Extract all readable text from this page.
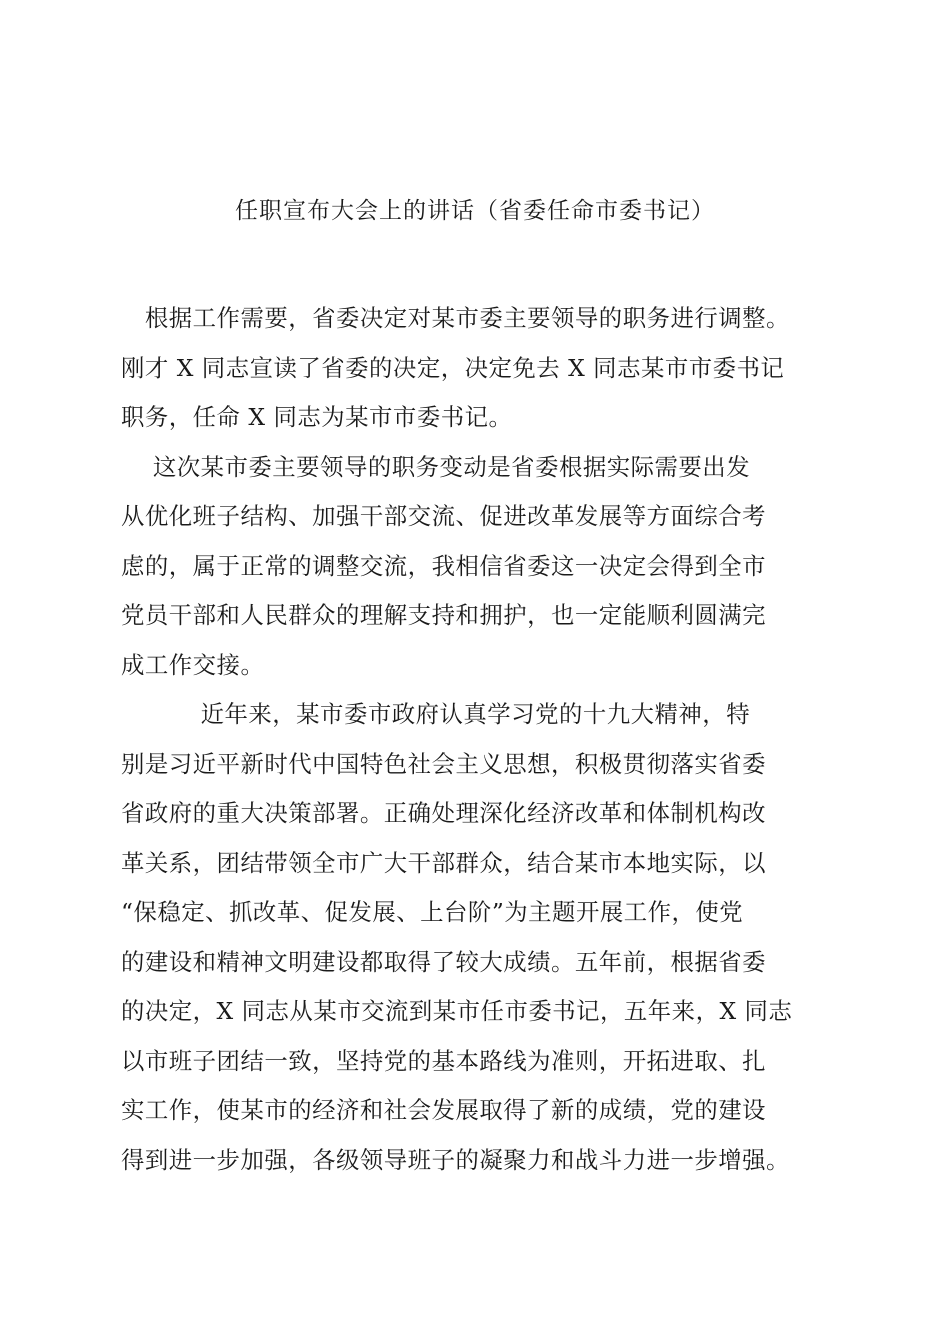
任职宣布大会上的讲话（省委任命市委书记）

　根据工作需要，省委决定对某市委主要领导的职务进行调整。
刚才 X 同志宣读了省委的决定，决定免去 X 同志某市市委书记
职务，任命 X 同志为某市市委书记。

　 这次某市委主要领导的职务变动是省委根据实际需要出发
从优化班子结构、加强干部交流、促进改革发展等方面综合考
虑的，属于正常的调整交流，我相信省委这一决定会得到全市
党员干部和人民群众的理解支持和拥护，也一定能顺利圆满完
成工作交接。

　　　 近年来，某市委市政府认真学习党的十九大精神，特
别是习近平新时代中国特色社会主义思想，积极贯彻落实省委
省政府的重大决策部署。正确处理深化经济改革和体制机构改
革关系，团结带领全市广大干部群众，结合某市本地实际，以
“保稳定、抓改革、促发展、上台阶”为主题开展工作，使党
的建设和精神文明建设都取得了较大成绩。五年前，根据省委
的决定，X 同志从某市交流到某市任市委书记，五年来，X 同志
以市班子团结一致，坚持党的基本路线为准则，开拓进取、扎
实工作，使某市的经济和社会发展取得了新的成绩，党的建设
得到进一步加强，各级领导班子的凝聚力和战斗力进一步增强。
